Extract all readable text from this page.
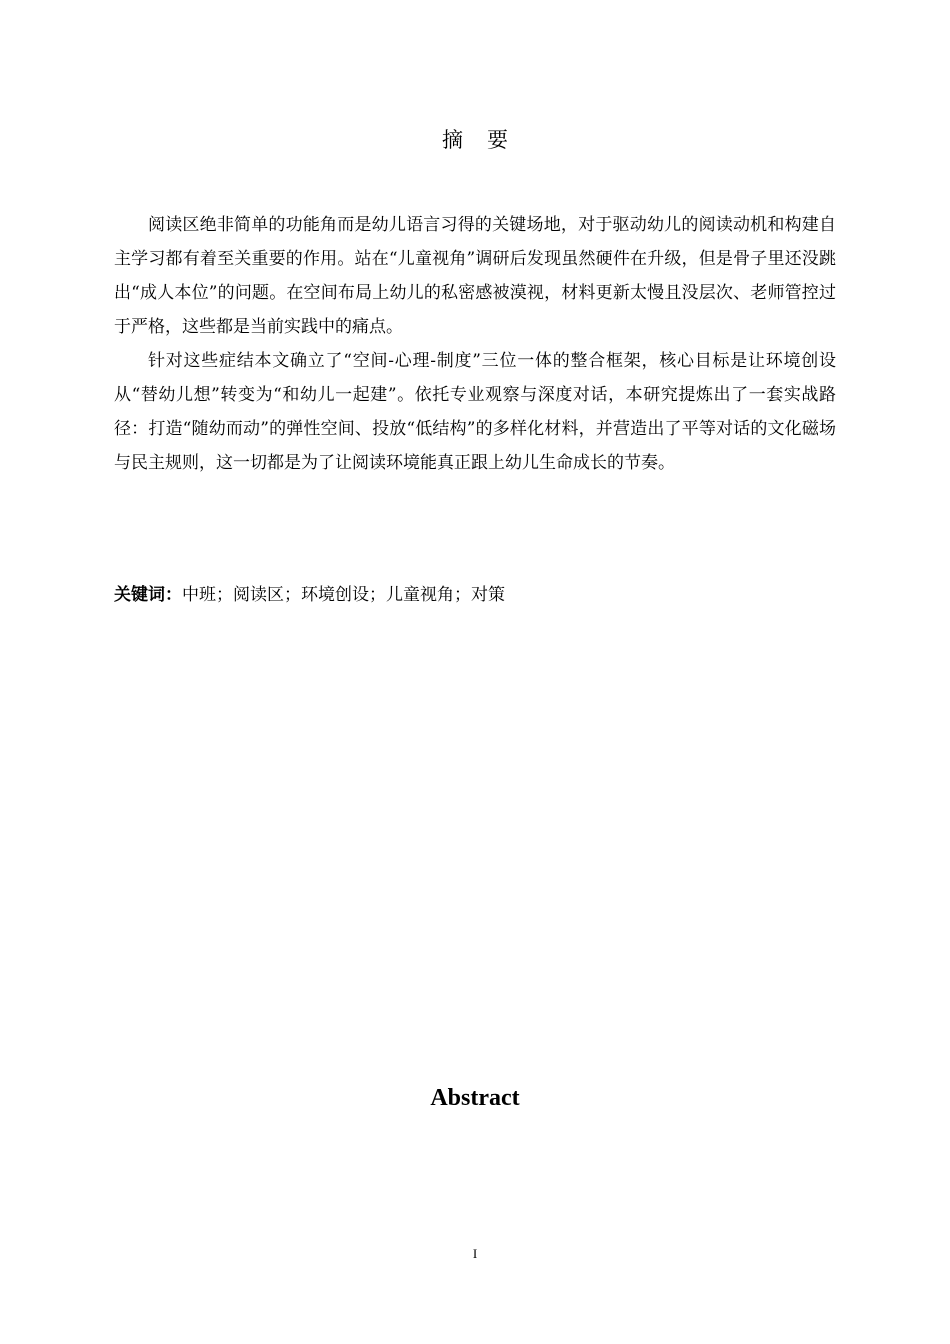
摘要

阅读区绝非简单的功能角而是幼儿语言习得的关键场地，对于驱动幼儿的阅读动机和构建自主学习都有着至关重要的作用。站在“儿童视角”调研后发现虽然硬件在升级，但是骨子里还没跳出“成人本位”的问题。在空间布局上幼儿的私密感被漠视，材料更新太慢且没层次、老师管控过于严格，这些都是当前实践中的痛点。

针对这些症结本文确立了“空间-心理-制度”三位一体的整合框架，核心目标是让环境创设从“替幼儿想”转变为“和幼儿一起建”。依托专业观察与深度对话，本研究提炼出了一套实战路径：打造“随幼而动”的弹性空间、投放“低结构”的多样化材料，并营造出了平等对话的文化磁场与民主规则，这一切都是为了让阅读环境能真正跟上幼儿生命成长的节奏。

关键词：中班；阅读区；环境创设；儿童视角；对策

Abstract
I
